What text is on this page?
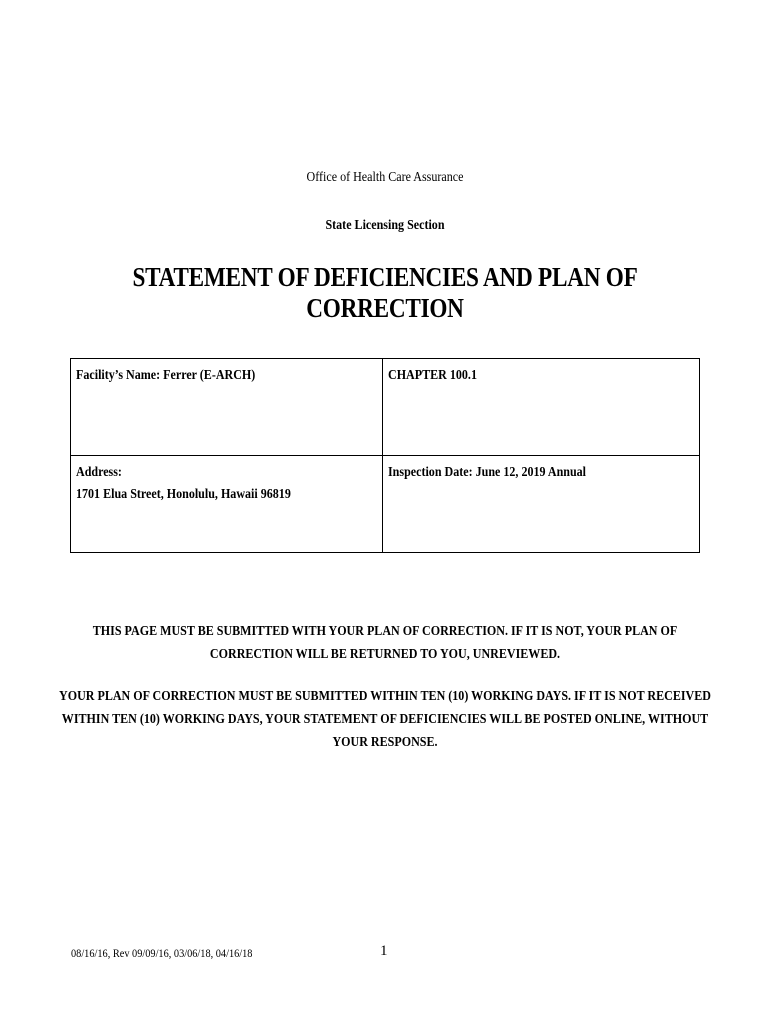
Office of Health Care Assurance
State Licensing Section
STATEMENT OF DEFICIENCIES AND PLAN OF CORRECTION
Facility’s Name: Ferrer (E-ARCH)	CHAPTER 100.1
Address:
1701 Elua Street, Honolulu, Hawaii 96819	Inspection Date: June 12, 2019 Annual
THIS PAGE MUST BE SUBMITTED WITH YOUR PLAN OF CORRECTION. IF IT IS NOT, YOUR PLAN OF CORRECTION WILL BE RETURNED TO YOU, UNREVIEWED.
YOUR PLAN OF CORRECTION MUST BE SUBMITTED WITHIN TEN (10) WORKING DAYS. IF IT IS NOT RECEIVED WITHIN TEN (10) WORKING DAYS, YOUR STATEMENT OF DEFICIENCIES WILL BE POSTED ONLINE, WITHOUT YOUR RESPONSE.
08/16/16, Rev 09/09/16, 03/06/18, 04/16/18	1
